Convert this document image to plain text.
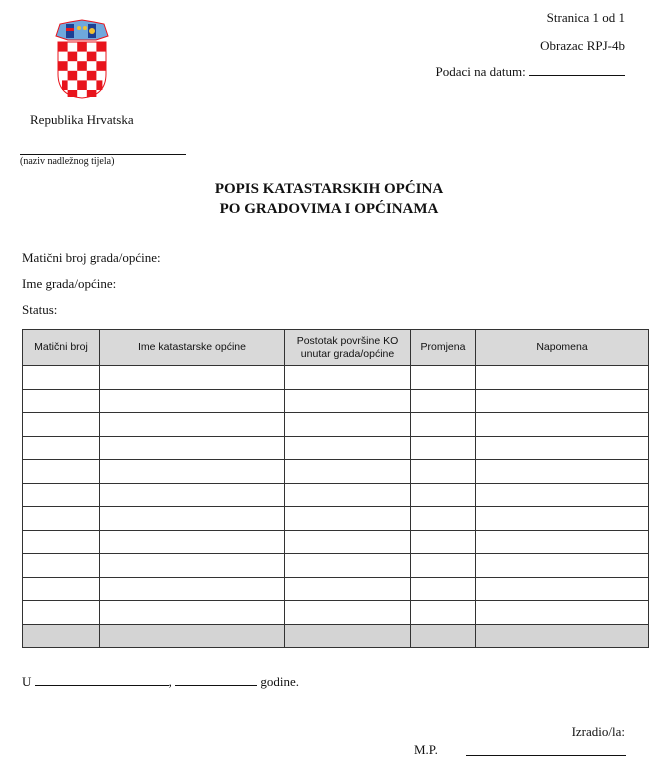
Republika Hrvatska
(naziv nadležnog tijela)
Stranica 1 od 1
Obrazac RPJ-4b
Podaci na datum:
POPIS KATASTARSKIH OPĆINA
PO GRADOVIMA I OPĆINAMA
Matični broj grada/općine:
Ime grada/općine:
Status:
Matični broj	Ime katastarske općine	Postotak površine KO unutar grada/općine	Promjena	Napomena

U	,	godine.
Izradio/la:
M.P.
